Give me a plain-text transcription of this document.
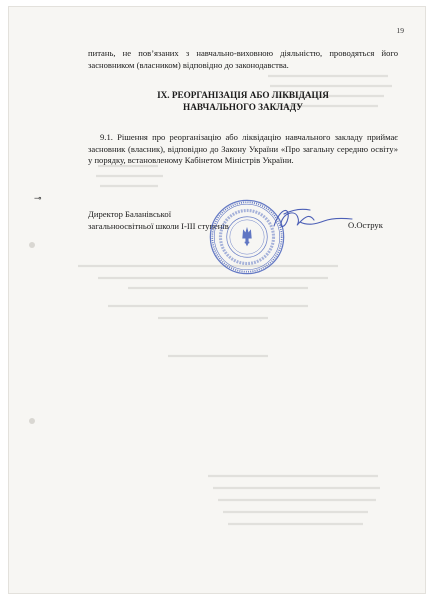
19

питань, не пов’язаних з навчально-виховною діяльністю, проводяться його засновником (власником) відповідно до законодавства.

IX. РЕОРГАНІЗАЦІЯ АБО ЛІКВІДАЦІЯ
НАВЧАЛЬНОГО ЗАКЛАДУ

9.1. Рішення про реорганізацію або ліквідацію навчального закладу приймає засновник (власник), відповідно до Закону України «Про загальну середню освіту» у порядку, встановленому Кабінетом Міністрів України.

Директор Баланівської
загальноосвітньої школи І-ІІІ ступенів	О.Острук
⊸
